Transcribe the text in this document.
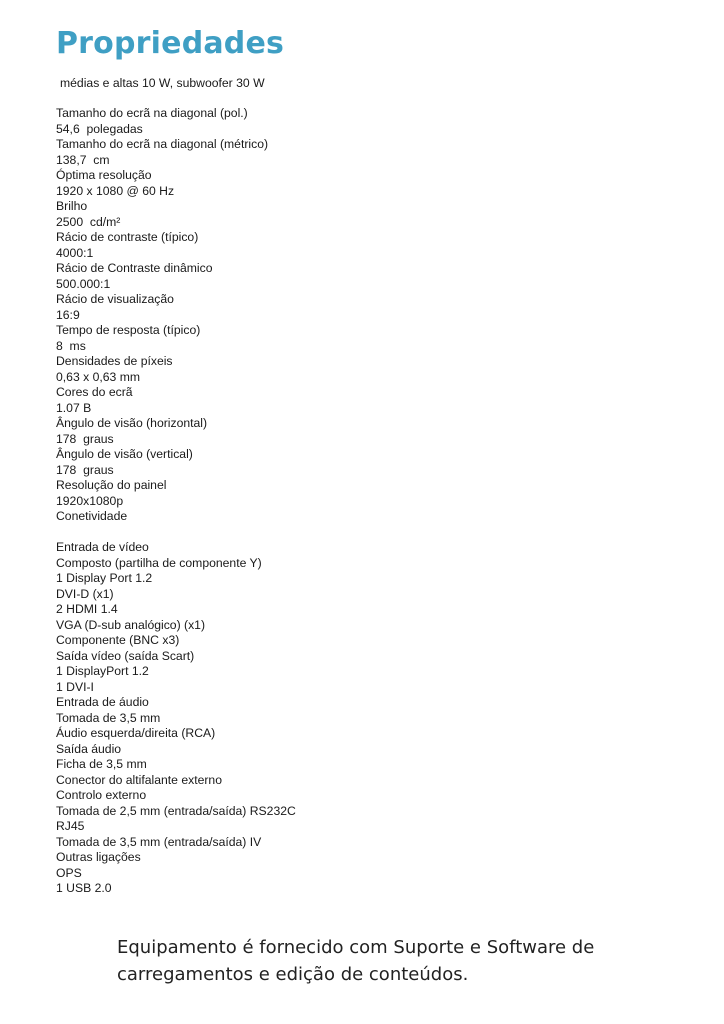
Propriedades

médias e altas 10 W, subwoofer 30 W

Tamanho do ecrã na diagonal (pol.)

54,6  polegadas

Tamanho do ecrã na diagonal (métrico)

138,7  cm

Óptima resolução

1920 x 1080 @ 60 Hz

Brilho

2500  cd/m²

Rácio de contraste (típico)

4000:1

Rácio de Contraste dinâmico

500.000:1

Rácio de visualização

16:9

Tempo de resposta (típico)

8  ms

Densidades de píxeis

0,63 x 0,63 mm

Cores do ecrã

1.07 B

Ângulo de visão (horizontal)

178  graus

Ângulo de visão (vertical)

178  graus

Resolução do painel

1920x1080p

Conetividade

Entrada de vídeo

Composto (partilha de componente Y)

1 Display Port 1.2

DVI-D (x1)

2 HDMI 1.4

VGA (D-sub analógico) (x1)

Componente (BNC x3)

Saída vídeo (saída Scart)

1 DisplayPort 1.2

1 DVI-I

Entrada de áudio

Tomada de 3,5 mm

Áudio esquerda/direita (RCA)

Saída áudio

Ficha de 3,5 mm

Conector do altifalante externo

Controlo externo

Tomada de 2,5 mm (entrada/saída) RS232C

RJ45

Tomada de 3,5 mm (entrada/saída) IV

Outras ligações

OPS

1 USB 2.0

Equipamento é fornecido com Suporte e Software de carregamentos e edição de conteúdos.
